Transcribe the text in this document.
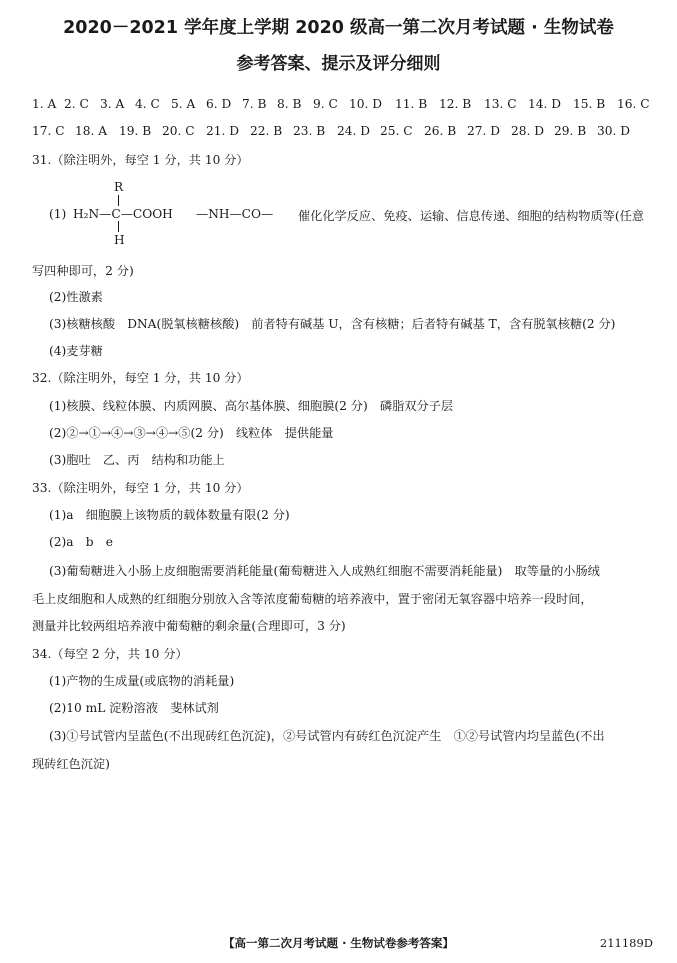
2020－2021 学年度上学期 2020 级高一第二次月考试题 · 生物试卷
参考答案、提示及评分细则
1. A 2. C 3. A 4. C 5. A 6. D 7. B 8. B 9. C 10. D 11. B 12. B 13. C 14. D 15. B 16. C
17. C 18. A 19. B 20. C 21. D 22. B 23. B 24. D 25. C 26. B 27. D 28. D 29. B 30. D
31.（除注明外，每空 1 分，共 10 分）
(1)
R
H₂N—C—COOH
H
—NH—CO— 催化化学反应、免疫、运输、信息传递、细胞的结构物质等(任意
写四种即可，2 分)
(2)性激素
(3)核糖核酸　DNA(脱氧核糖核酸)　前者特有碱基 U，含有核糖；后者特有碱基 T，含有脱氧核糖(2 分)
(4)麦芽糖
32.（除注明外，每空 1 分，共 10 分）
(1)核膜、线粒体膜、内质网膜、高尔基体膜、细胞膜(2 分)　磷脂双分子层
(2)②→①→④→③→④→⑤(2 分)　线粒体　提供能量
(3)胞吐　乙、丙　结构和功能上
33.（除注明外，每空 1 分，共 10 分）
(1)a　细胞膜上该物质的载体数量有限(2 分)
(2)a　b　e
(3)葡萄糖进入小肠上皮细胞需要消耗能量(葡萄糖进入人成熟红细胞不需要消耗能量)　取等量的小肠绒
毛上皮细胞和人成熟的红细胞分别放入含等浓度葡萄糖的培养液中，置于密闭无氧容器中培养一段时间，
测量并比较两组培养液中葡萄糖的剩余量(合理即可，3 分)
34.（每空 2 分，共 10 分）
(1)产物的生成量(或底物的消耗量)
(2)10 mL 淀粉溶液　斐林试剂
(3)①号试管内呈蓝色(不出现砖红色沉淀)，②号试管内有砖红色沉淀产生　①②号试管内均呈蓝色(不出
现砖红色沉淀)
【高一第二次月考试题 · 生物试卷参考答案】	211189D
